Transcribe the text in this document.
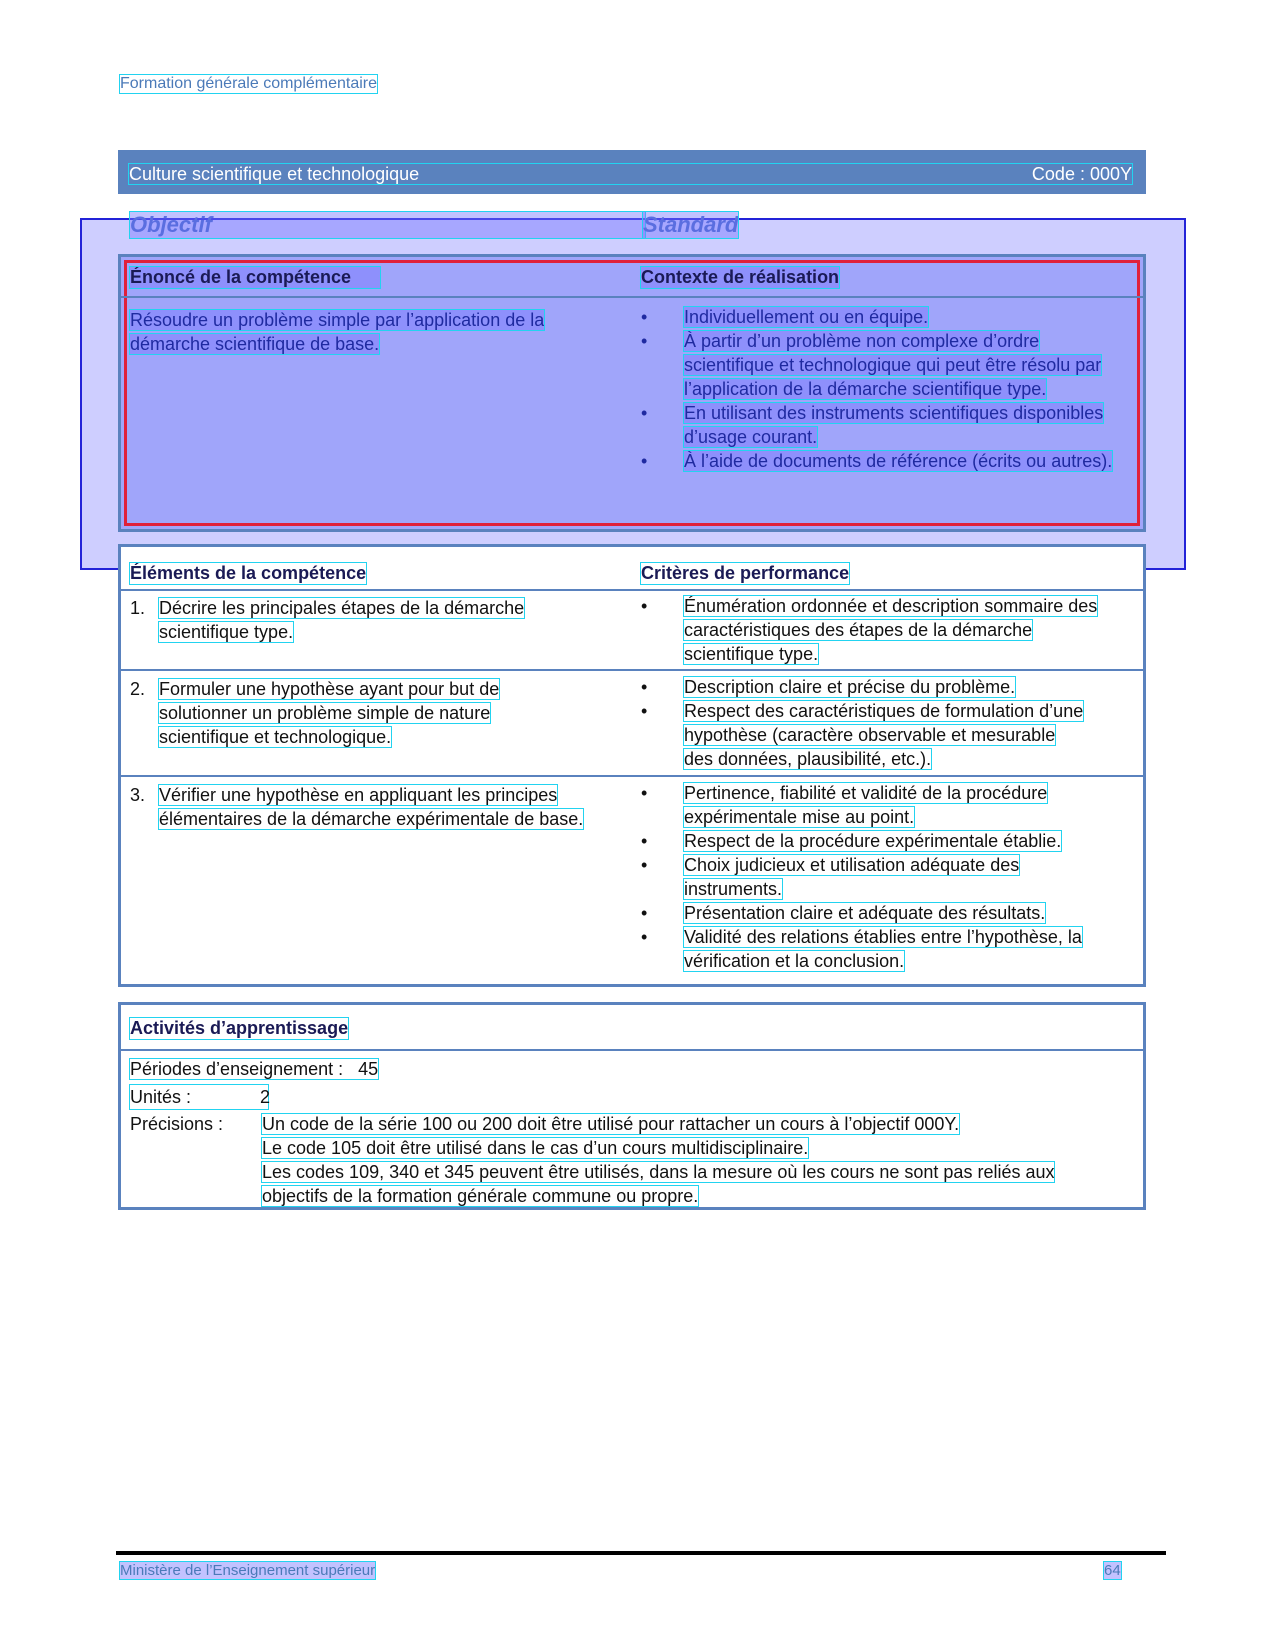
Formation générale complémentaire
Culture scientifique et technologique	Code : 000Y
Objectif	Standard
Énoncé de la compétence	Contexte de réalisation
Résoudre un problème simple par l’application de la démarche scientifique de base.
• Individuellement ou en équipe.
• À partir d’un problème non complexe d’ordre scientifique et technologique qui peut être résolu par l’application de la démarche scientifique type.
• En utilisant des instruments scientifiques disponibles d’usage courant.
• À l’aide de documents de référence (écrits ou autres).
Éléments de la compétence	Critères de performance
1. Décrire les principales étapes de la démarche scientifique type.
• Énumération ordonnée et description sommaire des caractéristiques des étapes de la démarche scientifique type.
2. Formuler une hypothèse ayant pour but de solutionner un problème simple de nature scientifique et technologique.
• Description claire et précise du problème.
• Respect des caractéristiques de formulation d’une hypothèse (caractère observable et mesurable des données, plausibilité, etc.).
3. Vérifier une hypothèse en appliquant les principes élémentaires de la démarche expérimentale de base.
• Pertinence, fiabilité et validité de la procédure expérimentale mise au point.
• Respect de la procédure expérimentale établie.
• Choix judicieux et utilisation adéquate des instruments.
• Présentation claire et adéquate des résultats.
• Validité des relations établies entre l’hypothèse, la vérification et la conclusion.
Activités d’apprentissage
Périodes d’enseignement : 45
Unités :	2
Précisions : Un code de la série 100 ou 200 doit être utilisé pour rattacher un cours à l’objectif 000Y.
Le code 105 doit être utilisé dans le cas d’un cours multidisciplinaire.
Les codes 109, 340 et 345 peuvent être utilisés, dans la mesure où les cours ne sont pas reliés aux objectifs de la formation générale commune ou propre.
Ministère de l’Enseignement supérieur	64
